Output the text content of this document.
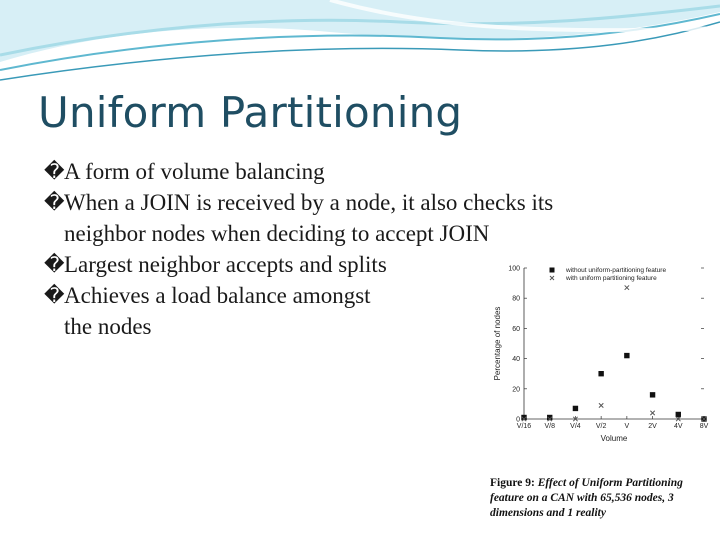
Uniform Partitioning
� A form of volume balancing
� When a JOIN is received by a node, it also checks its
neighbor nodes when deciding to accept JOIN
� Largest neighbor accepts and splits
� Achieves a load balance amongst
the nodes
0
20
40
60
80
100
V/16 V/8 V/4 V/2	V	2V 4V 8V
Volume
Percentage of nodes
without uniform-partitioning feature
with uniform partitioning feature
Figure 9: Effect of Uniform Partitioning feature on a CAN with 65,536 nodes, 3 dimensions and 1 reality
